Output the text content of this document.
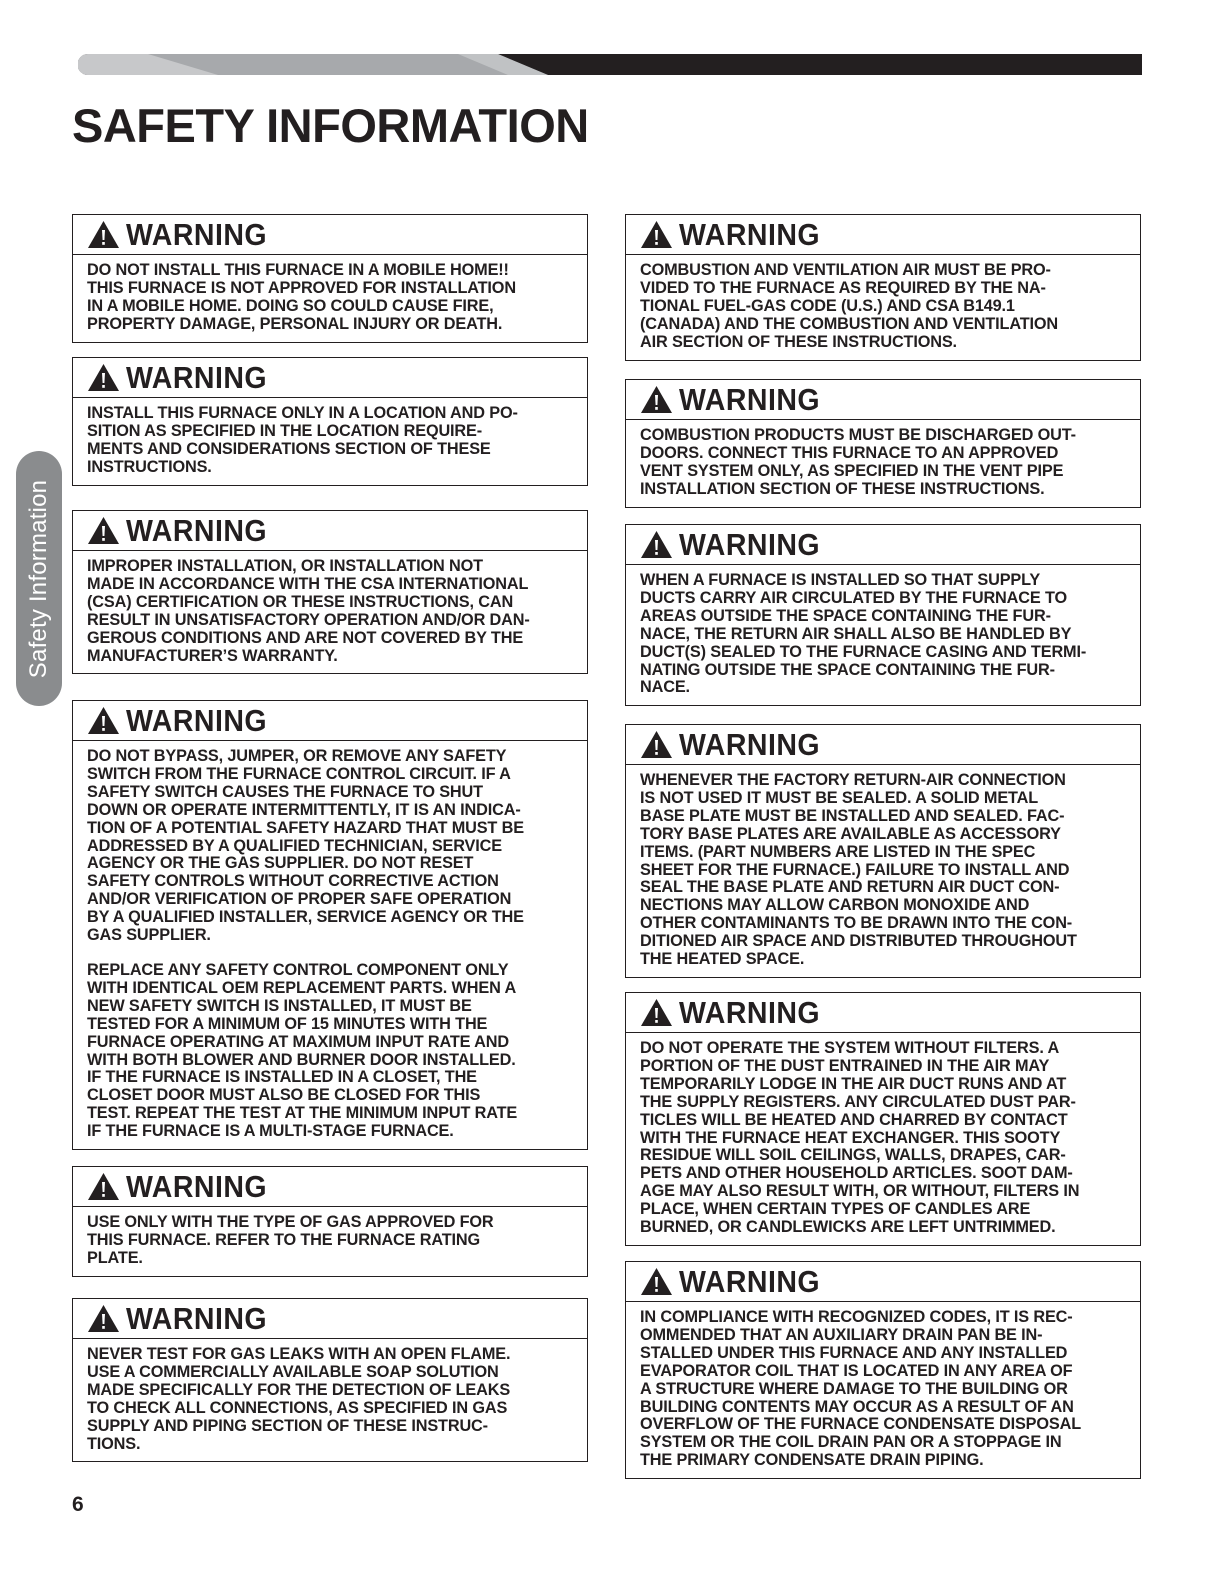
SAFETY INFORMATION
Safety Information
WARNING

DO NOT INSTALL THIS FURNACE IN A MOBILE HOME!!
THIS FURNACE IS NOT APPROVED FOR INSTALLATION
IN A MOBILE HOME. DOING SO COULD CAUSE FIRE,
PROPERTY DAMAGE, PERSONAL INJURY OR DEATH.

WARNING

INSTALL THIS FURNACE ONLY IN A LOCATION AND PO-
SITION AS SPECIFIED IN THE LOCATION REQUIRE-
MENTS AND CONSIDERATIONS SECTION OF THESE
INSTRUCTIONS.

WARNING

IMPROPER INSTALLATION, OR INSTALLATION NOT
MADE IN ACCORDANCE WITH THE CSA INTERNATIONAL
(CSA) CERTIFICATION OR THESE INSTRUCTIONS, CAN
RESULT IN UNSATISFACTORY OPERATION AND/OR DAN-
GEROUS CONDITIONS AND ARE NOT COVERED BY THE
MANUFACTURER’S WARRANTY.

WARNING

DO NOT BYPASS, JUMPER, OR REMOVE ANY SAFETY
SWITCH FROM THE FURNACE CONTROL CIRCUIT. IF A
SAFETY SWITCH CAUSES THE FURNACE TO SHUT
DOWN OR OPERATE INTERMITTENTLY, IT IS AN INDICA-
TION OF A POTENTIAL SAFETY HAZARD THAT MUST BE
ADDRESSED BY A QUALIFIED TECHNICIAN, SERVICE
AGENCY OR THE GAS SUPPLIER. DO NOT RESET
SAFETY CONTROLS WITHOUT CORRECTIVE ACTION
AND/OR VERIFICATION OF PROPER SAFE OPERATION
BY A QUALIFIED INSTALLER, SERVICE AGENCY OR THE
GAS SUPPLIER.

REPLACE ANY SAFETY CONTROL COMPONENT ONLY
WITH IDENTICAL OEM REPLACEMENT PARTS. WHEN A
NEW SAFETY SWITCH IS INSTALLED, IT MUST BE
TESTED FOR A MINIMUM OF 15 MINUTES WITH THE
FURNACE OPERATING AT MAXIMUM INPUT RATE AND
WITH BOTH BLOWER AND BURNER DOOR INSTALLED.
IF THE FURNACE IS INSTALLED IN A CLOSET, THE
CLOSET DOOR MUST ALSO BE CLOSED FOR THIS
TEST. REPEAT THE TEST AT THE MINIMUM INPUT RATE
IF THE FURNACE IS A MULTI-STAGE FURNACE.

WARNING

USE ONLY WITH THE TYPE OF GAS APPROVED FOR
THIS FURNACE. REFER TO THE FURNACE RATING
PLATE.

WARNING

NEVER TEST FOR GAS LEAKS WITH AN OPEN FLAME.
USE A COMMERCIALLY AVAILABLE SOAP SOLUTION
MADE SPECIFICALLY FOR THE DETECTION OF LEAKS
TO CHECK ALL CONNECTIONS, AS SPECIFIED IN GAS
SUPPLY AND PIPING SECTION OF THESE INSTRUC-
TIONS.

WARNING

COMBUSTION AND VENTILATION AIR MUST BE PRO-
VIDED TO THE FURNACE AS REQUIRED BY THE NA-
TIONAL FUEL-GAS CODE (U.S.) AND CSA B149.1
(CANADA) AND THE COMBUSTION AND VENTILATION
AIR SECTION OF THESE INSTRUCTIONS.

WARNING

COMBUSTION PRODUCTS MUST BE DISCHARGED OUT-
DOORS. CONNECT THIS FURNACE TO AN APPROVED
VENT SYSTEM ONLY, AS SPECIFIED IN THE VENT PIPE
INSTALLATION SECTION OF THESE INSTRUCTIONS.

WARNING

WHEN A FURNACE IS INSTALLED SO THAT SUPPLY
DUCTS CARRY AIR CIRCULATED BY THE FURNACE TO
AREAS OUTSIDE THE SPACE CONTAINING THE FUR-
NACE, THE RETURN AIR SHALL ALSO BE HANDLED BY
DUCT(S) SEALED TO THE FURNACE CASING AND TERMI-
NATING OUTSIDE THE SPACE CONTAINING THE FUR-
NACE.

WARNING

WHENEVER THE FACTORY RETURN-AIR CONNECTION
IS NOT USED IT MUST BE SEALED. A SOLID METAL
BASE PLATE MUST BE INSTALLED AND SEALED. FAC-
TORY BASE PLATES ARE AVAILABLE AS ACCESSORY
ITEMS. (PART NUMBERS ARE LISTED IN THE SPEC
SHEET FOR THE FURNACE.) FAILURE TO INSTALL AND
SEAL THE BASE PLATE AND RETURN AIR DUCT CON-
NECTIONS MAY ALLOW CARBON MONOXIDE AND
OTHER CONTAMINANTS TO BE DRAWN INTO THE CON-
DITIONED AIR SPACE AND DISTRIBUTED THROUGHOUT
THE HEATED SPACE.

WARNING

DO NOT OPERATE THE SYSTEM WITHOUT FILTERS. A
PORTION OF THE DUST ENTRAINED IN THE AIR MAY
TEMPORARILY LODGE IN THE AIR DUCT RUNS AND AT
THE SUPPLY REGISTERS. ANY CIRCULATED DUST PAR-
TICLES WILL BE HEATED AND CHARRED BY CONTACT
WITH THE FURNACE HEAT EXCHANGER. THIS SOOTY
RESIDUE WILL SOIL CEILINGS, WALLS, DRAPES, CAR-
PETS AND OTHER HOUSEHOLD ARTICLES. SOOT DAM-
AGE MAY ALSO RESULT WITH, OR WITHOUT, FILTERS IN
PLACE, WHEN CERTAIN TYPES OF CANDLES ARE
BURNED, OR CANDLEWICKS ARE LEFT UNTRIMMED.

WARNING

IN COMPLIANCE WITH RECOGNIZED CODES, IT IS REC-
OMMENDED THAT AN AUXILIARY DRAIN PAN BE IN-
STALLED UNDER THIS FURNACE AND ANY INSTALLED
EVAPORATOR COIL THAT IS LOCATED IN ANY AREA OF
A STRUCTURE WHERE DAMAGE TO THE BUILDING OR
BUILDING CONTENTS MAY OCCUR AS A RESULT OF AN
OVERFLOW OF THE FURNACE CONDENSATE DISPOSAL
SYSTEM OR THE COIL DRAIN PAN OR A STOPPAGE IN
THE PRIMARY CONDENSATE DRAIN PIPING.

6
